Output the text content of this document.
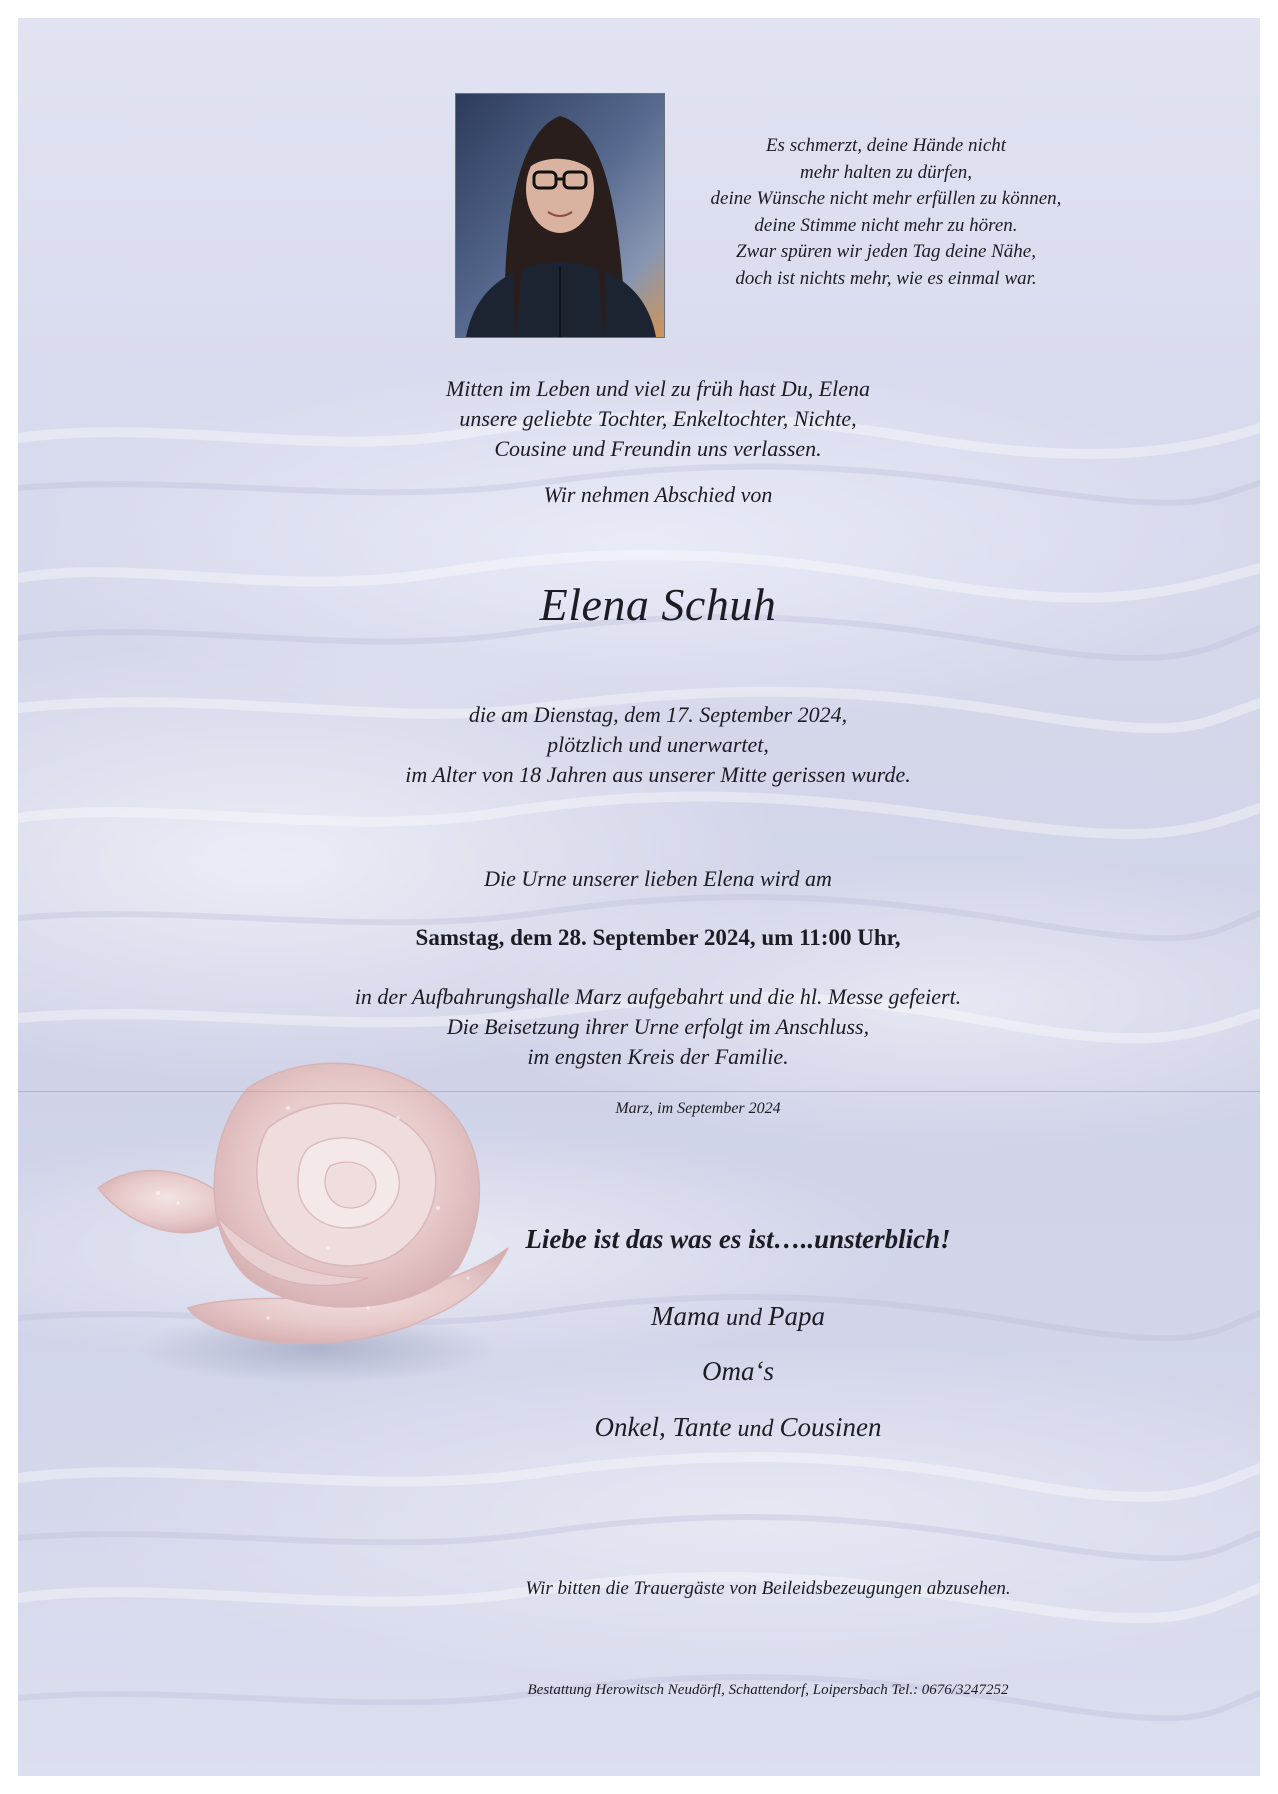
Es schmerzt, deine Hände nicht
mehr halten zu dürfen,
deine Wünsche nicht mehr erfüllen zu können,
deine Stimme nicht mehr zu hören.
Zwar spüren wir jeden Tag deine Nähe,
doch ist nichts mehr, wie es einmal war.
Mitten im Leben und viel zu früh hast Du, Elena
unsere geliebte Tochter, Enkeltochter, Nichte,
Cousine und Freundin uns verlassen.
Wir nehmen Abschied von
Elena Schuh
die am Dienstag, dem 17. September 2024,
plötzlich und unerwartet,
im Alter von 18 Jahren aus unserer Mitte gerissen wurde.
Die Urne unserer lieben Elena wird am
Samstag, dem 28. September 2024, um 11:00 Uhr,
in der Aufbahrungshalle Marz aufgebahrt und die hl. Messe gefeiert.
Die Beisetzung ihrer Urne erfolgt im Anschluss,
im engsten Kreis der Familie.
Marz, im September 2024
Liebe ist das was es ist…..unsterblich!
Mama und Papa
Oma‘s
Onkel, Tante und Cousinen
Wir bitten die Trauergäste von Beileidsbezeugungen abzusehen.
Bestattung Herowitsch Neudörfl, Schattendorf, Loipersbach Tel.: 0676/3247252
